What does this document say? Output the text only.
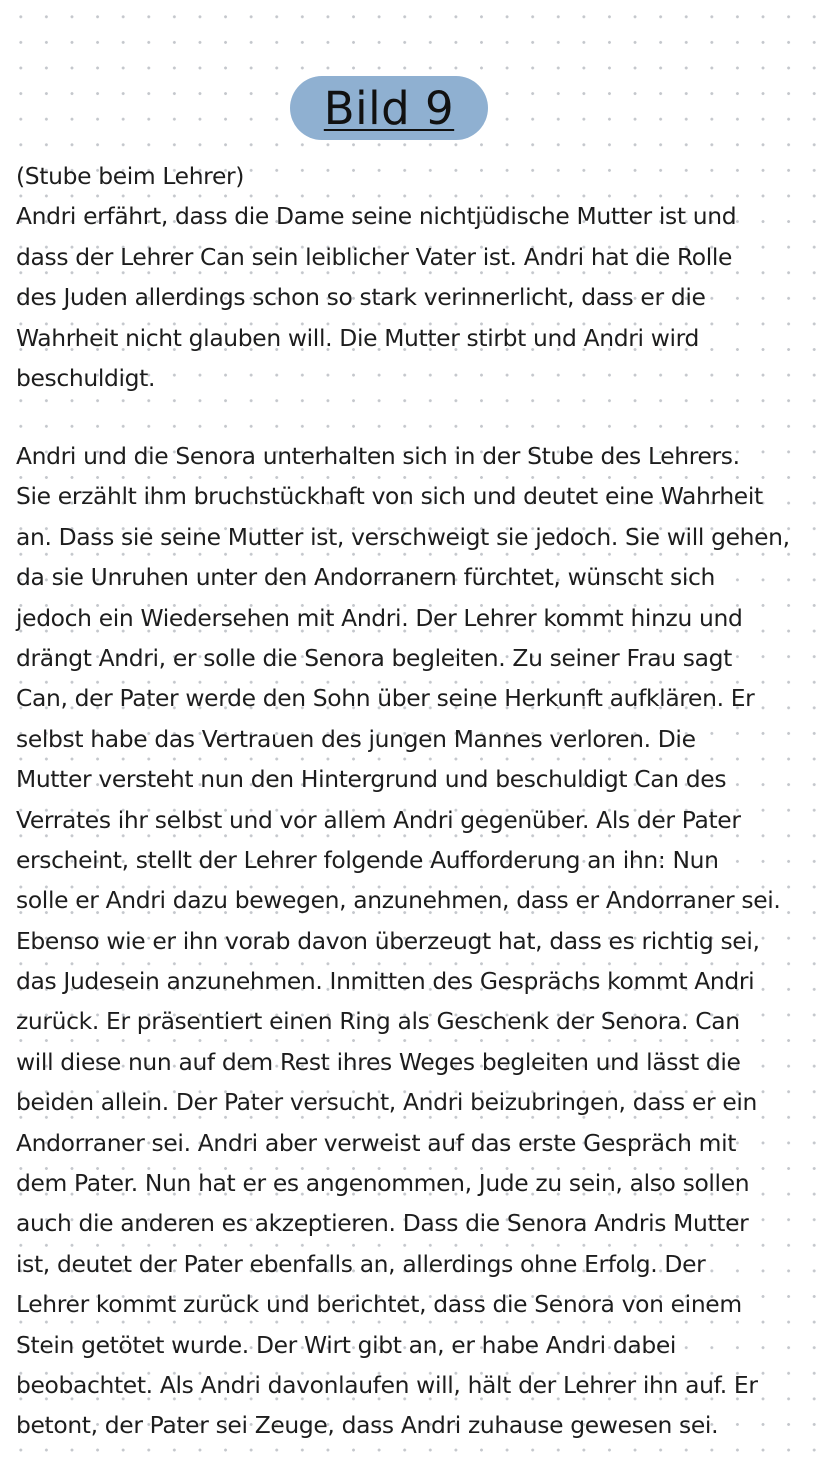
Bild 9
(Stube beim Lehrer)
Andri erfährt, dass die Dame seine nichtjüdische Mutter ist und
dass der Lehrer Can sein leiblicher Vater ist. Andri hat die Rolle
des Juden allerdings schon so stark verinnerlicht, dass er die
Wahrheit nicht glauben will. Die Mutter stirbt und Andri wird
beschuldigt.
Andri und die Senora unterhalten sich in der Stube des Lehrers.
Sie erzählt ihm bruchstückhaft von sich und deutet eine Wahrheit
an. Dass sie seine Mutter ist, verschweigt sie jedoch. Sie will gehen,
da sie Unruhen unter den Andorranern fürchtet, wünscht sich
jedoch ein Wiedersehen mit Andri. Der Lehrer kommt hinzu und
drängt Andri, er solle die Senora begleiten. Zu seiner Frau sagt
Can, der Pater werde den Sohn über seine Herkunft aufklären. Er
selbst habe das Vertrauen des jungen Mannes verloren. Die
Mutter versteht nun den Hintergrund und beschuldigt Can des
Verrates ihr selbst und vor allem Andri gegenüber. Als der Pater
erscheint, stellt der Lehrer folgende Aufforderung an ihn: Nun
solle er Andri dazu bewegen, anzunehmen, dass er Andorraner sei.
Ebenso wie er ihn vorab davon überzeugt hat, dass es richtig sei,
das Judesein anzunehmen. Inmitten des Gesprächs kommt Andri
zurück. Er präsentiert einen Ring als Geschenk der Senora. Can
will diese nun auf dem Rest ihres Weges begleiten und lässt die
beiden allein. Der Pater versucht, Andri beizubringen, dass er ein
Andorraner sei. Andri aber verweist auf das erste Gespräch mit
dem Pater. Nun hat er es angenommen, Jude zu sein, also sollen
auch die anderen es akzeptieren. Dass die Senora Andris Mutter
ist, deutet der Pater ebenfalls an, allerdings ohne Erfolg. Der
Lehrer kommt zurück und berichtet, dass die Senora von einem
Stein getötet wurde. Der Wirt gibt an, er habe Andri dabei
beobachtet. Als Andri davonlaufen will, hält der Lehrer ihn auf. Er
betont, der Pater sei Zeuge, dass Andri zuhause gewesen sei.
